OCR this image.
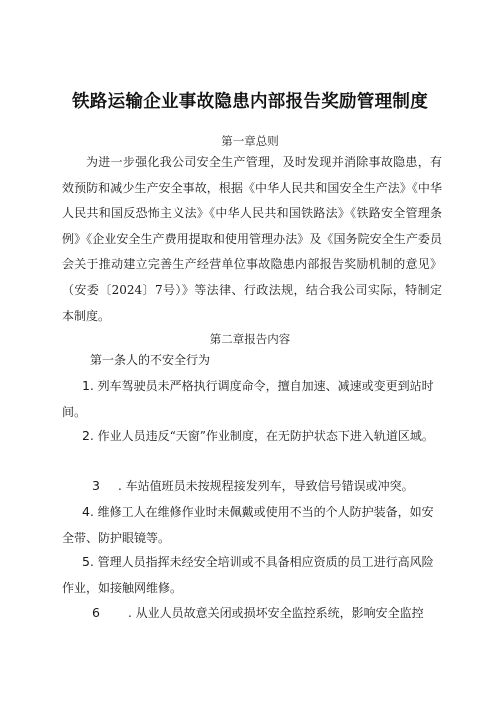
铁路运输企业事故隐患内部报告奖励管理制度
第一章总则

为进一步强化我公司安全生产管理，及时发现并消除事故隐患，有效预防和减少生产安全事故，根据《中华人民共和国安全生产法》《中华人民共和国反恐怖主义法》《中华人民共和国铁路法》《铁路安全管理条例》《企业安全生产费用提取和使用管理办法》及《国务院安全生产委员会关于推动建立完善生产经营单位事故隐患内部报告奖励机制的意见》（安委〔2024〕7号）》等法律、行政法规，结合我公司实际，特制定本制度。

第二章报告内容
第一条人的不安全行为

1. 列车驾驶员未严格执行调度命令，擅自加速、减速或变更到站时间。

2. 作业人员违反“天窗”作业制度，在无防护状态下进入轨道区域。

3 . 车站值班员未按规程接发列车，导致信号错误或冲突。

4. 维修工人在维修作业时未佩戴或使用不当的个人防护装备，如安全带、防护眼镜等。

5. 管理人员指挥未经安全培训或不具备相应资质的员工进行高风险作业，如接触网维修。

6 . 从业人员故意关闭或损坏安全监控系统，影响安全监控
